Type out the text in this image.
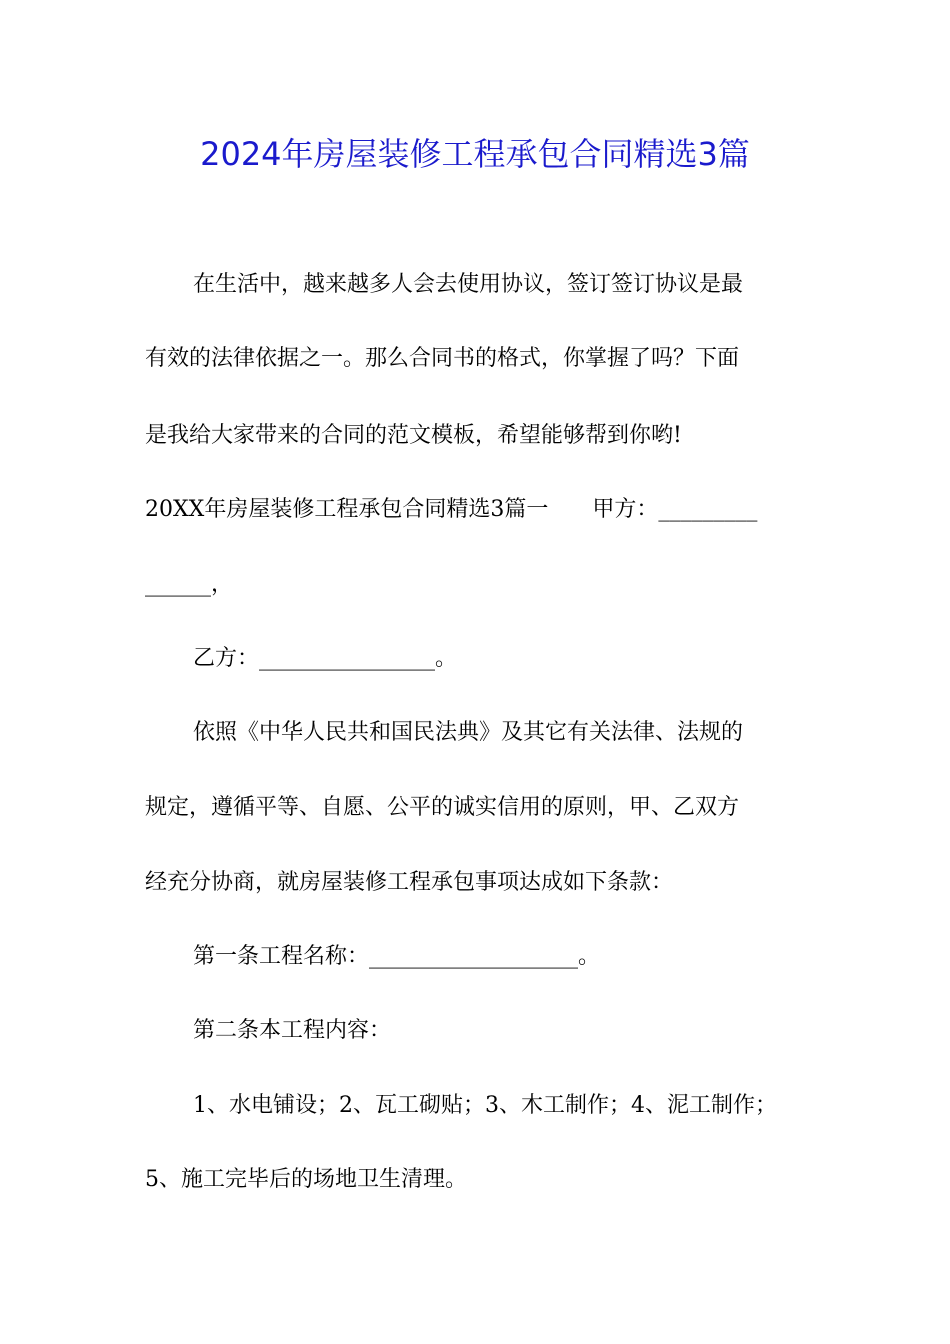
2024年房屋装修工程承包合同精选3篇
在生活中，越来越多人会去使用协议，签订签订协议是最
有效的法律依据之一。那么合同书的格式，你掌握了吗？下面
是我给大家带来的合同的范文模板，希望能够帮到你哟!
20XX年房屋装修工程承包合同精选3篇一　　甲方：_________
______，
乙方：________________。
依照《中华人民共和国民法典》及其它有关法律、法规的
规定，遵循平等、自愿、公平的诚实信用的原则，甲、乙双方
经充分协商，就房屋装修工程承包事项达成如下条款：
第一条工程名称：___________________。
第二条本工程内容：
1、水电铺设；2、瓦工砌贴；3、木工制作；4、泥工制作；
5、施工完毕后的场地卫生清理。
